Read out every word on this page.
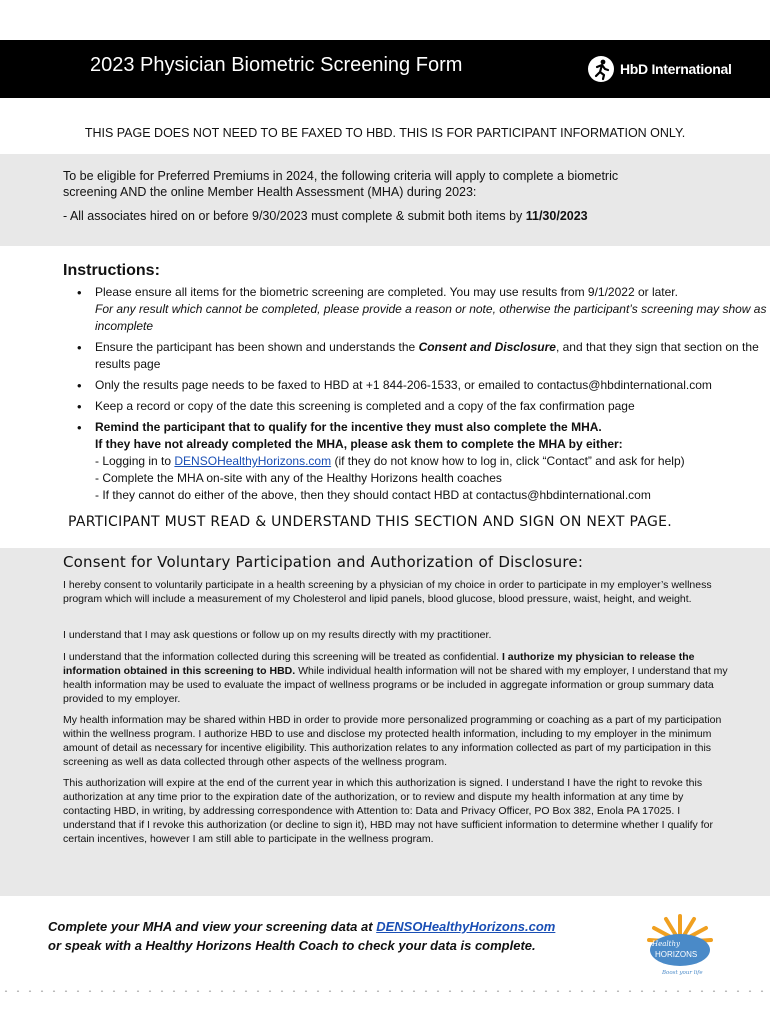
2023 Physician Biometric Screening Form	HbD International
THIS PAGE DOES NOT NEED TO BE FAXED TO HBD. THIS IS FOR PARTICIPANT INFORMATION ONLY.

To be eligible for Preferred Premiums in 2024, the following criteria will apply to complete a biometric

screening AND the online Member Health Assessment (MHA) during 2023:

- All associates hired on or before 9/30/2023 must complete & submit both items by 11/30/2023

Instructions:
• Please ensure all items for the biometric screening are completed. You may use results from 9/1/2022 or later.
For any result which cannot be completed, please provide a reason or note, otherwise the participant’s screening may show as incomplete
• Ensure the participant has been shown and understands the Consent and Disclosure, and that they sign that section on the results page
• Only the results page needs to be faxed to HBD at +1 844-206-1533, or emailed to contactus@hbdinternational.com
• Keep a record or copy of the date this screening is completed and a copy of the fax confirmation page
• Remind the participant that to qualify for the incentive they must also complete the MHA.
If they have not already completed the MHA, please ask them to complete the MHA by either:
- Logging in to DENSOHealthyHorizons.com (if they do not know how to log in, click “Contact” and ask for help)
- Complete the MHA on-site with any of the Healthy Horizons health coaches
- If they cannot do either of the above, then they should contact HBD at contactus@hbdinternational.com
PARTICIPANT MUST READ & UNDERSTAND THIS SECTION AND SIGN ON NEXT PAGE.
Consent for Voluntary Participation and Authorization of Disclosure:

I hereby consent to voluntarily participate in a health screening by a physician of my choice in order to participate in my employer’s wellness program which will include a measurement of my Cholesterol and lipid panels, blood glucose, blood pressure, waist, height, and weight.

I understand that I may ask questions or follow up on my results directly with my practitioner.

I understand that the information collected during this screening will be treated as confidential. I authorize my physician to release the information obtained in this screening to HBD. While individual health information will not be shared with my employer, I understand that my health information may be used to evaluate the impact of wellness programs or be included in aggregate information or group summary data provided to my employer.

My health information may be shared within HBD in order to provide more personalized programming or coaching as a part of my participation within the wellness program. I authorize HBD to use and disclose my protected health information, including to my employer in the minimum amount of detail as necessary for incentive eligibility. This authorization relates to any information collected as part of my participation in this screening as well as data collected through other aspects of the wellness program.

This authorization will expire at the end of the current year in which this authorization is signed. I understand I have the right to revoke this authorization at any time prior to the expiration date of the authorization, or to review and dispute my health information at any time by contacting HBD, in writing, by addressing correspondence with Attention to: Data and Privacy Officer, PO Box 382, Enola PA 17025. I understand that if I revoke this authorization (or decline to sign it), HBD may not have sufficient information to determine whether I qualify for certain incentives, however I am still able to participate in the wellness program.

Complete your MHA and view your screening data at DENSOHealthyHorizons.com
or speak with a Healthy Horizons Health Coach to check your data is complete.	Healthy
HORIZONS
Boost your life
